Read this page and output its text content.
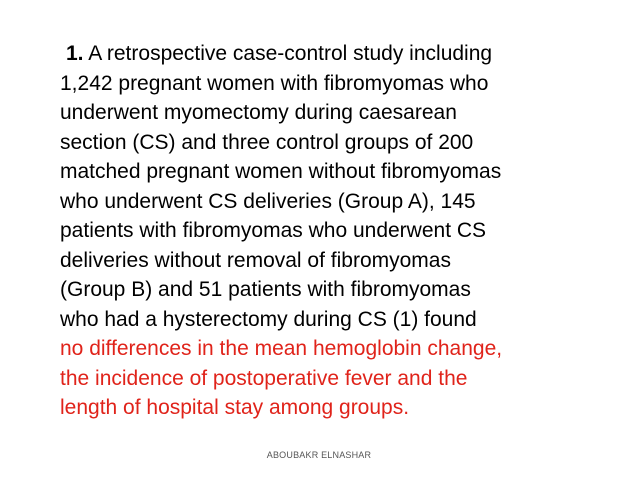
1. A retrospective case-control study including
1,242 pregnant women with fibromyomas who
underwent myomectomy during caesarean
section (CS) and three control groups of 200
matched pregnant women without fibromyomas
who underwent CS deliveries (Group A), 145
patients with fibromyomas who underwent CS
deliveries without removal of fibromyomas
(Group B) and 51 patients with fibromyomas
who had a hysterectomy during CS (1) found
no differences in the mean hemoglobin change,
the incidence of postoperative fever and the
length of hospital stay among groups.
ABOUBAKR ELNASHAR
